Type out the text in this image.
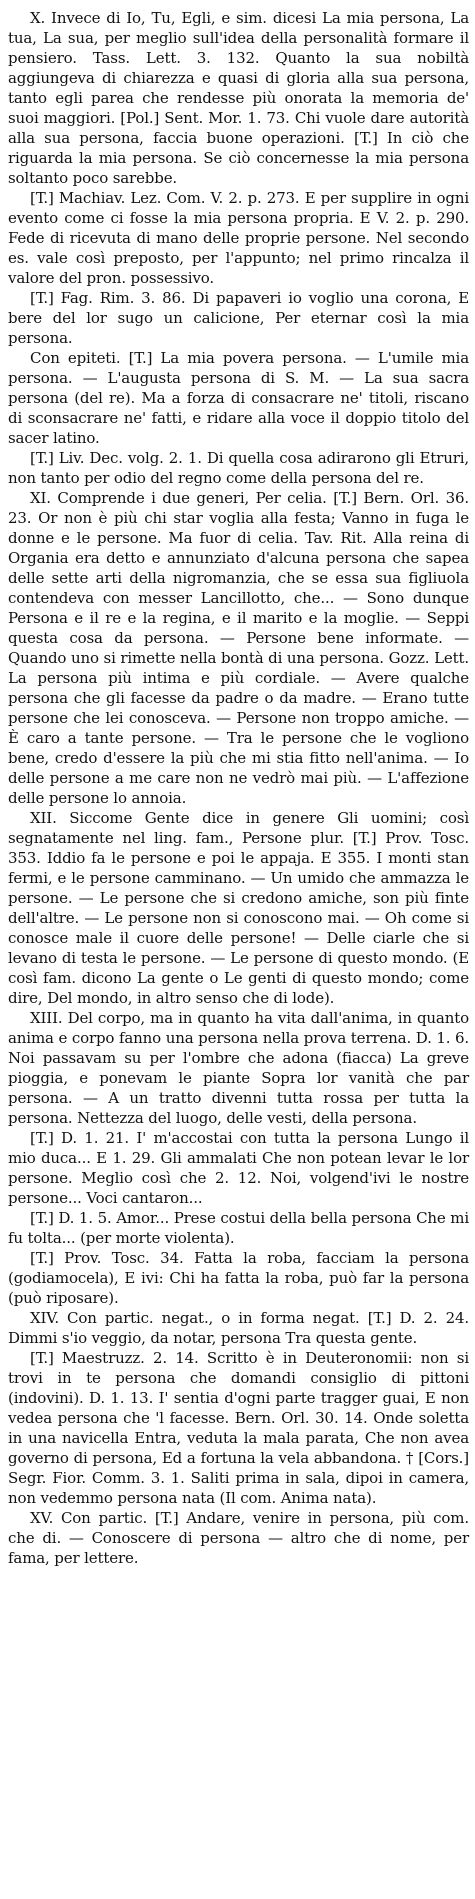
X. Invece di Io, Tu, Egli, e sim. dicesi La mia persona, La tua, La sua, per meglio sull'idea della personalità formare il pensiero. Tass. Lett. 3. 132. Quanto la sua nobiltà aggiungeva di chiarezza e quasi di gloria alla sua persona, tanto egli parea che rendesse più onorata la memoria de' suoi maggiori. [Pol.] Sent. Mor. 1. 73. Chi vuole dare autorità alla sua persona, faccia buone operazioni. [T.] In ciò che riguarda la mia persona. Se ciò concernesse la mia persona soltanto poco sarebbe.

[T.] Machiav. Lez. Com. V. 2. p. 273. E per supplire in ogni evento come ci fosse la mia persona propria. E V. 2. p. 290. Fede di ricevuta di mano delle proprie persone. Nel secondo es. vale così preposto, per l'appunto; nel primo rincalza il valore del pron. possessivo.

[T.] Fag. Rim. 3. 86. Di papaveri io voglio una corona, E bere del lor sugo un calicione, Per eternar così la mia persona.

Con epiteti. [T.] La mia povera persona. — L'umile mia persona. — L'augusta persona di S. M. — La sua sacra persona (del re). Ma a forza di consacrare ne' titoli, riscano di sconsacrare ne' fatti, e ridare alla voce il doppio titolo del sacer latino.

[T.] Liv. Dec. volg. 2. 1. Di quella cosa adirarono gli Etruri, non tanto per odio del regno come della persona del re.

XI. Comprende i due generi, Per celia. [T.] Bern. Orl. 36. 23. Or non è più chi star voglia alla festa; Vanno in fuga le donne e le persone. Ma fuor di celia. Tav. Rit. Alla reina di Organia era detto e annunziato d'alcuna persona che sapea delle sette arti della nigromanzia, che se essa sua figliuola contendeva con messer Lancillotto, che... — Sono dunque Persona e il re e la regina, e il marito e la moglie. — Seppi questa cosa da persona. — Persone bene informate. — Quando uno si rimette nella bontà di una persona. Gozz. Lett. La persona più intima e più cordiale. — Avere qualche persona che gli facesse da padre o da madre. — Erano tutte persone che lei conosceva. — Persone non troppo amiche. — È caro a tante persone. — Tra le persone che le vogliono bene, credo d'essere la più che mi stia fitto nell'anima. — Io delle persone a me care non ne vedrò mai più. — L'affezione delle persone lo annoia.

XII. Siccome Gente dice in genere Gli uomini; così segnatamente nel ling. fam., Persone plur. [T.] Prov. Tosc. 353. Iddio fa le persone e poi le appaja. E 355. I monti stan fermi, e le persone camminano. — Un umido che ammazza le persone. — Le persone che si credono amiche, son più finte dell'altre. — Le persone non si conoscono mai. — Oh come si conosce male il cuore delle persone! — Delle ciarle che si levano di testa le persone. — Le persone di questo mondo. (E così fam. dicono La gente o Le genti di questo mondo; come dire, Del mondo, in altro senso che di lode).

XIII. Del corpo, ma in quanto ha vita dall'anima, in quanto anima e corpo fanno una persona nella prova terrena. D. 1. 6. Noi passavam su per l'ombre che adona (fiacca) La greve pioggia, e ponevam le piante Sopra lor vanità che par persona. — A un tratto divenni tutta rossa per tutta la persona. Nettezza del luogo, delle vesti, della persona.

[T.] D. 1. 21. I' m'accostai con tutta la persona Lungo il mio duca... E 1. 29. Gli ammalati Che non potean levar le lor persone. Meglio così che 2. 12. Noi, volgend'ivi le nostre persone... Voci cantaron...

[T.] D. 1. 5. Amor... Prese costui della bella persona Che mi fu tolta... (per morte violenta).

[T.] Prov. Tosc. 34. Fatta la roba, facciam la persona (godiamocela), E ivi: Chi ha fatta la roba, può far la persona (può riposare).

XIV. Con partic. negat., o in forma negat. [T.] D. 2. 24. Dimmi s'io veggio, da notar, persona Tra questa gente.

[T.] Maestruzz. 2. 14. Scritto è in Deuteronomii: non si trovi in te persona che domandi consiglio di pittoni (indovini). D. 1. 13. I' sentia d'ogni parte tragger guai, E non vedea persona che 'l facesse. Bern. Orl. 30. 14. Onde soletta in una navicella Entra, veduta la mala parata, Che non avea governo di persona, Ed a fortuna la vela abbandona. † [Cors.] Segr. Fior. Comm. 3. 1. Saliti prima in sala, dipoi in camera, non vedemmo persona nata (Il com. Anima nata).

XV. Con partic. [T.] Andare, venire in persona, più com. che di. — Conoscere di persona — altro che di nome, per fama, per lettere.
